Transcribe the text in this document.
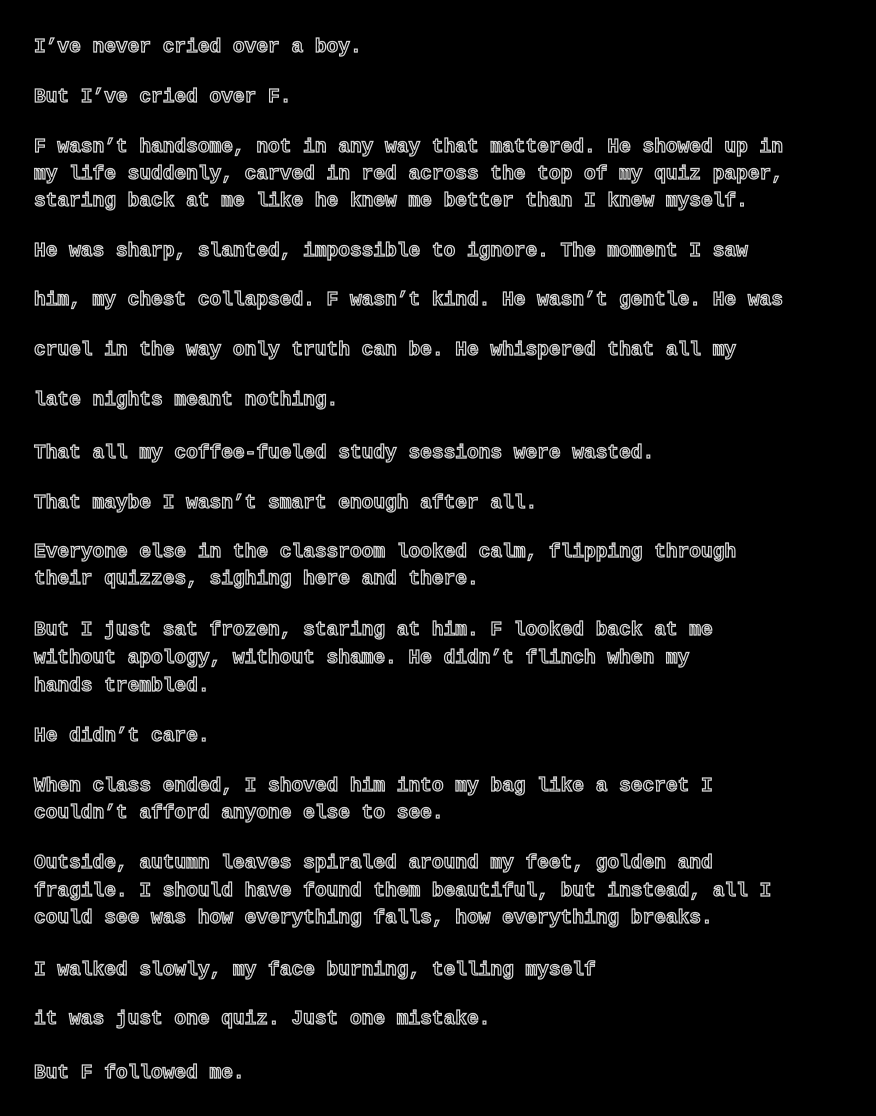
I’ve never cried over a boy.

But I’ve cried over F.

F wasn’t handsome, not in any way that mattered. He showed up in

my life suddenly, carved in red across the top of my quiz paper,

staring back at me like he knew me better than I knew myself.

He was sharp, slanted, impossible to ignore. The moment I saw

him, my chest collapsed. F wasn’t kind. He wasn’t gentle. He was

cruel in the way only truth can be. He whispered that all my

late nights meant nothing.

That all my coffee-fueled study sessions were wasted.

That maybe I wasn’t smart enough after all.

Everyone else in the classroom looked calm, flipping through

their quizzes, sighing here and there.

But I just sat frozen, staring at him. F looked back at me

without apology, without shame. He didn’t flinch when my

hands trembled.

He didn’t care.

When class ended, I shoved him into my bag like a secret I

couldn’t afford anyone else to see.

Outside, autumn leaves spiraled around my feet, golden and

fragile. I should have found them beautiful, but instead, all I

could see was how everything falls, how everything breaks.

I walked slowly, my face burning, telling myself

it was just one quiz. Just one mistake.

But F followed me.
